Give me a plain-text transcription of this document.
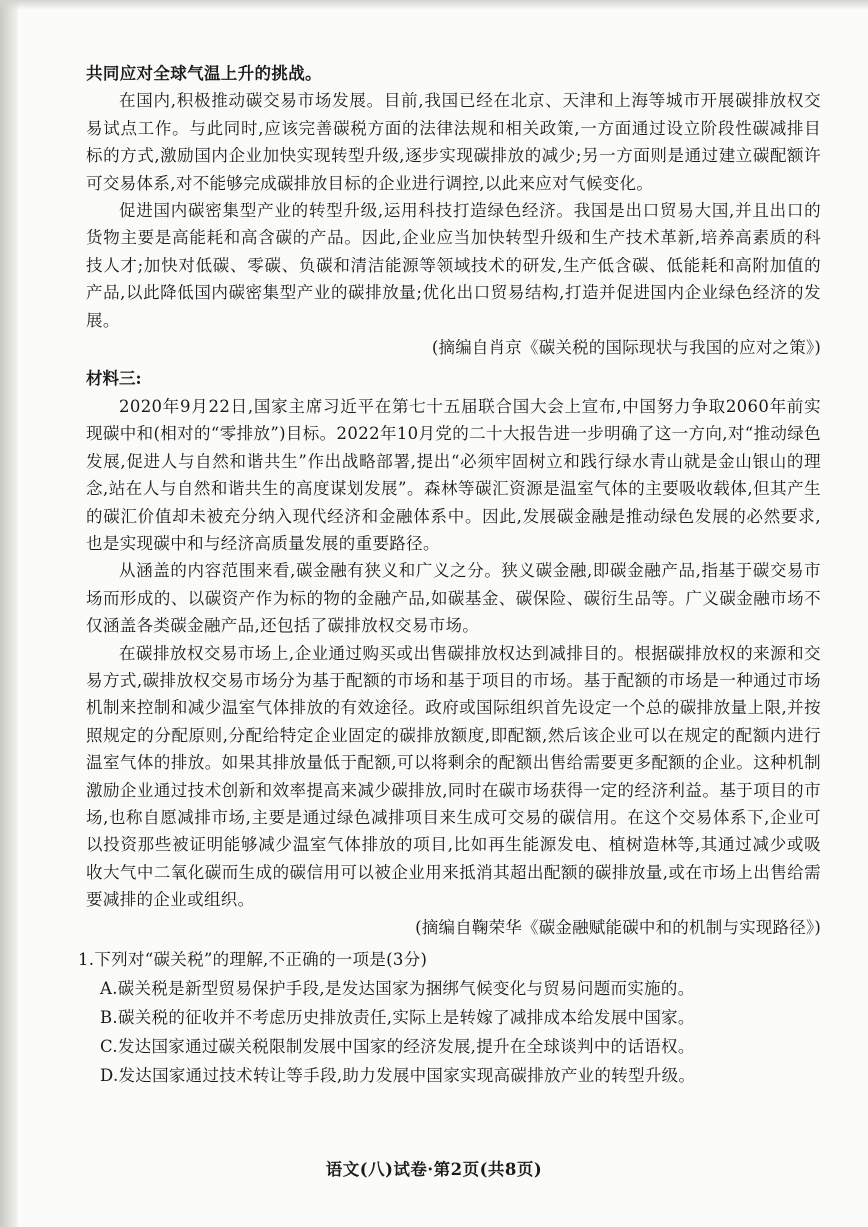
共同应对全球气温上升的挑战。

在国内,积极推动碳交易市场发展。目前,我国已经在北京、天津和上海等城市开展碳排放权交易试点工作。与此同时,应该完善碳税方面的法律法规和相关政策,一方面通过设立阶段性碳减排目标的方式,激励国内企业加快实现转型升级,逐步实现碳排放的减少;另一方面则是通过建立碳配额许可交易体系,对不能够完成碳排放目标的企业进行调控,以此来应对气候变化。

促进国内碳密集型产业的转型升级,运用科技打造绿色经济。我国是出口贸易大国,并且出口的货物主要是高能耗和高含碳的产品。因此,企业应当加快转型升级和生产技术革新,培养高素质的科技人才;加快对低碳、零碳、负碳和清洁能源等领域技术的研发,生产低含碳、低能耗和高附加值的产品,以此降低国内碳密集型产业的碳排放量;优化出口贸易结构,打造并促进国内企业绿色经济的发展。

(摘编自肖京《碳关税的国际现状与我国的应对之策》)

材料三:

2020年9月22日,国家主席习近平在第七十五届联合国大会上宣布,中国努力争取2060年前实现碳中和(相对的“零排放”)目标。2022年10月党的二十大报告进一步明确了这一方向,对“推动绿色发展,促进人与自然和谐共生”作出战略部署,提出“必须牢固树立和践行绿水青山就是金山银山的理念,站在人与自然和谐共生的高度谋划发展”。森林等碳汇资源是温室气体的主要吸收载体,但其产生的碳汇价值却未被充分纳入现代经济和金融体系中。因此,发展碳金融是推动绿色发展的必然要求,也是实现碳中和与经济高质量发展的重要路径。

从涵盖的内容范围来看,碳金融有狭义和广义之分。狭义碳金融,即碳金融产品,指基于碳交易市场而形成的、以碳资产作为标的物的金融产品,如碳基金、碳保险、碳衍生品等。广义碳金融市场不仅涵盖各类碳金融产品,还包括了碳排放权交易市场。

在碳排放权交易市场上,企业通过购买或出售碳排放权达到减排目的。根据碳排放权的来源和交易方式,碳排放权交易市场分为基于配额的市场和基于项目的市场。基于配额的市场是一种通过市场机制来控制和减少温室气体排放的有效途径。政府或国际组织首先设定一个总的碳排放量上限,并按照规定的分配原则,分配给特定企业固定的碳排放额度,即配额,然后该企业可以在规定的配额内进行温室气体的排放。如果其排放量低于配额,可以将剩余的配额出售给需要更多配额的企业。这种机制激励企业通过技术创新和效率提高来减少碳排放,同时在碳市场获得一定的经济利益。基于项目的市场,也称自愿减排市场,主要是通过绿色减排项目来生成可交易的碳信用。在这个交易体系下,企业可以投资那些被证明能够减少温室气体排放的项目,比如再生能源发电、植树造林等,其通过减少或吸收大气中二氧化碳而生成的碳信用可以被企业用来抵消其超出配额的碳排放量,或在市场上出售给需要减排的企业或组织。

(摘编自鞠荣华《碳金融赋能碳中和的机制与实现路径》)

1.下列对“碳关税”的理解,不正确的一项是(3分)

A.碳关税是新型贸易保护手段,是发达国家为捆绑气候变化与贸易问题而实施的。

B.碳关税的征收并不考虑历史排放责任,实际上是转嫁了减排成本给发展中国家。

C.发达国家通过碳关税限制发展中国家的经济发展,提升在全球谈判中的话语权。

D.发达国家通过技术转让等手段,助力发展中国家实现高碳排放产业的转型升级。

语文(八)试卷·第2页(共8页)
